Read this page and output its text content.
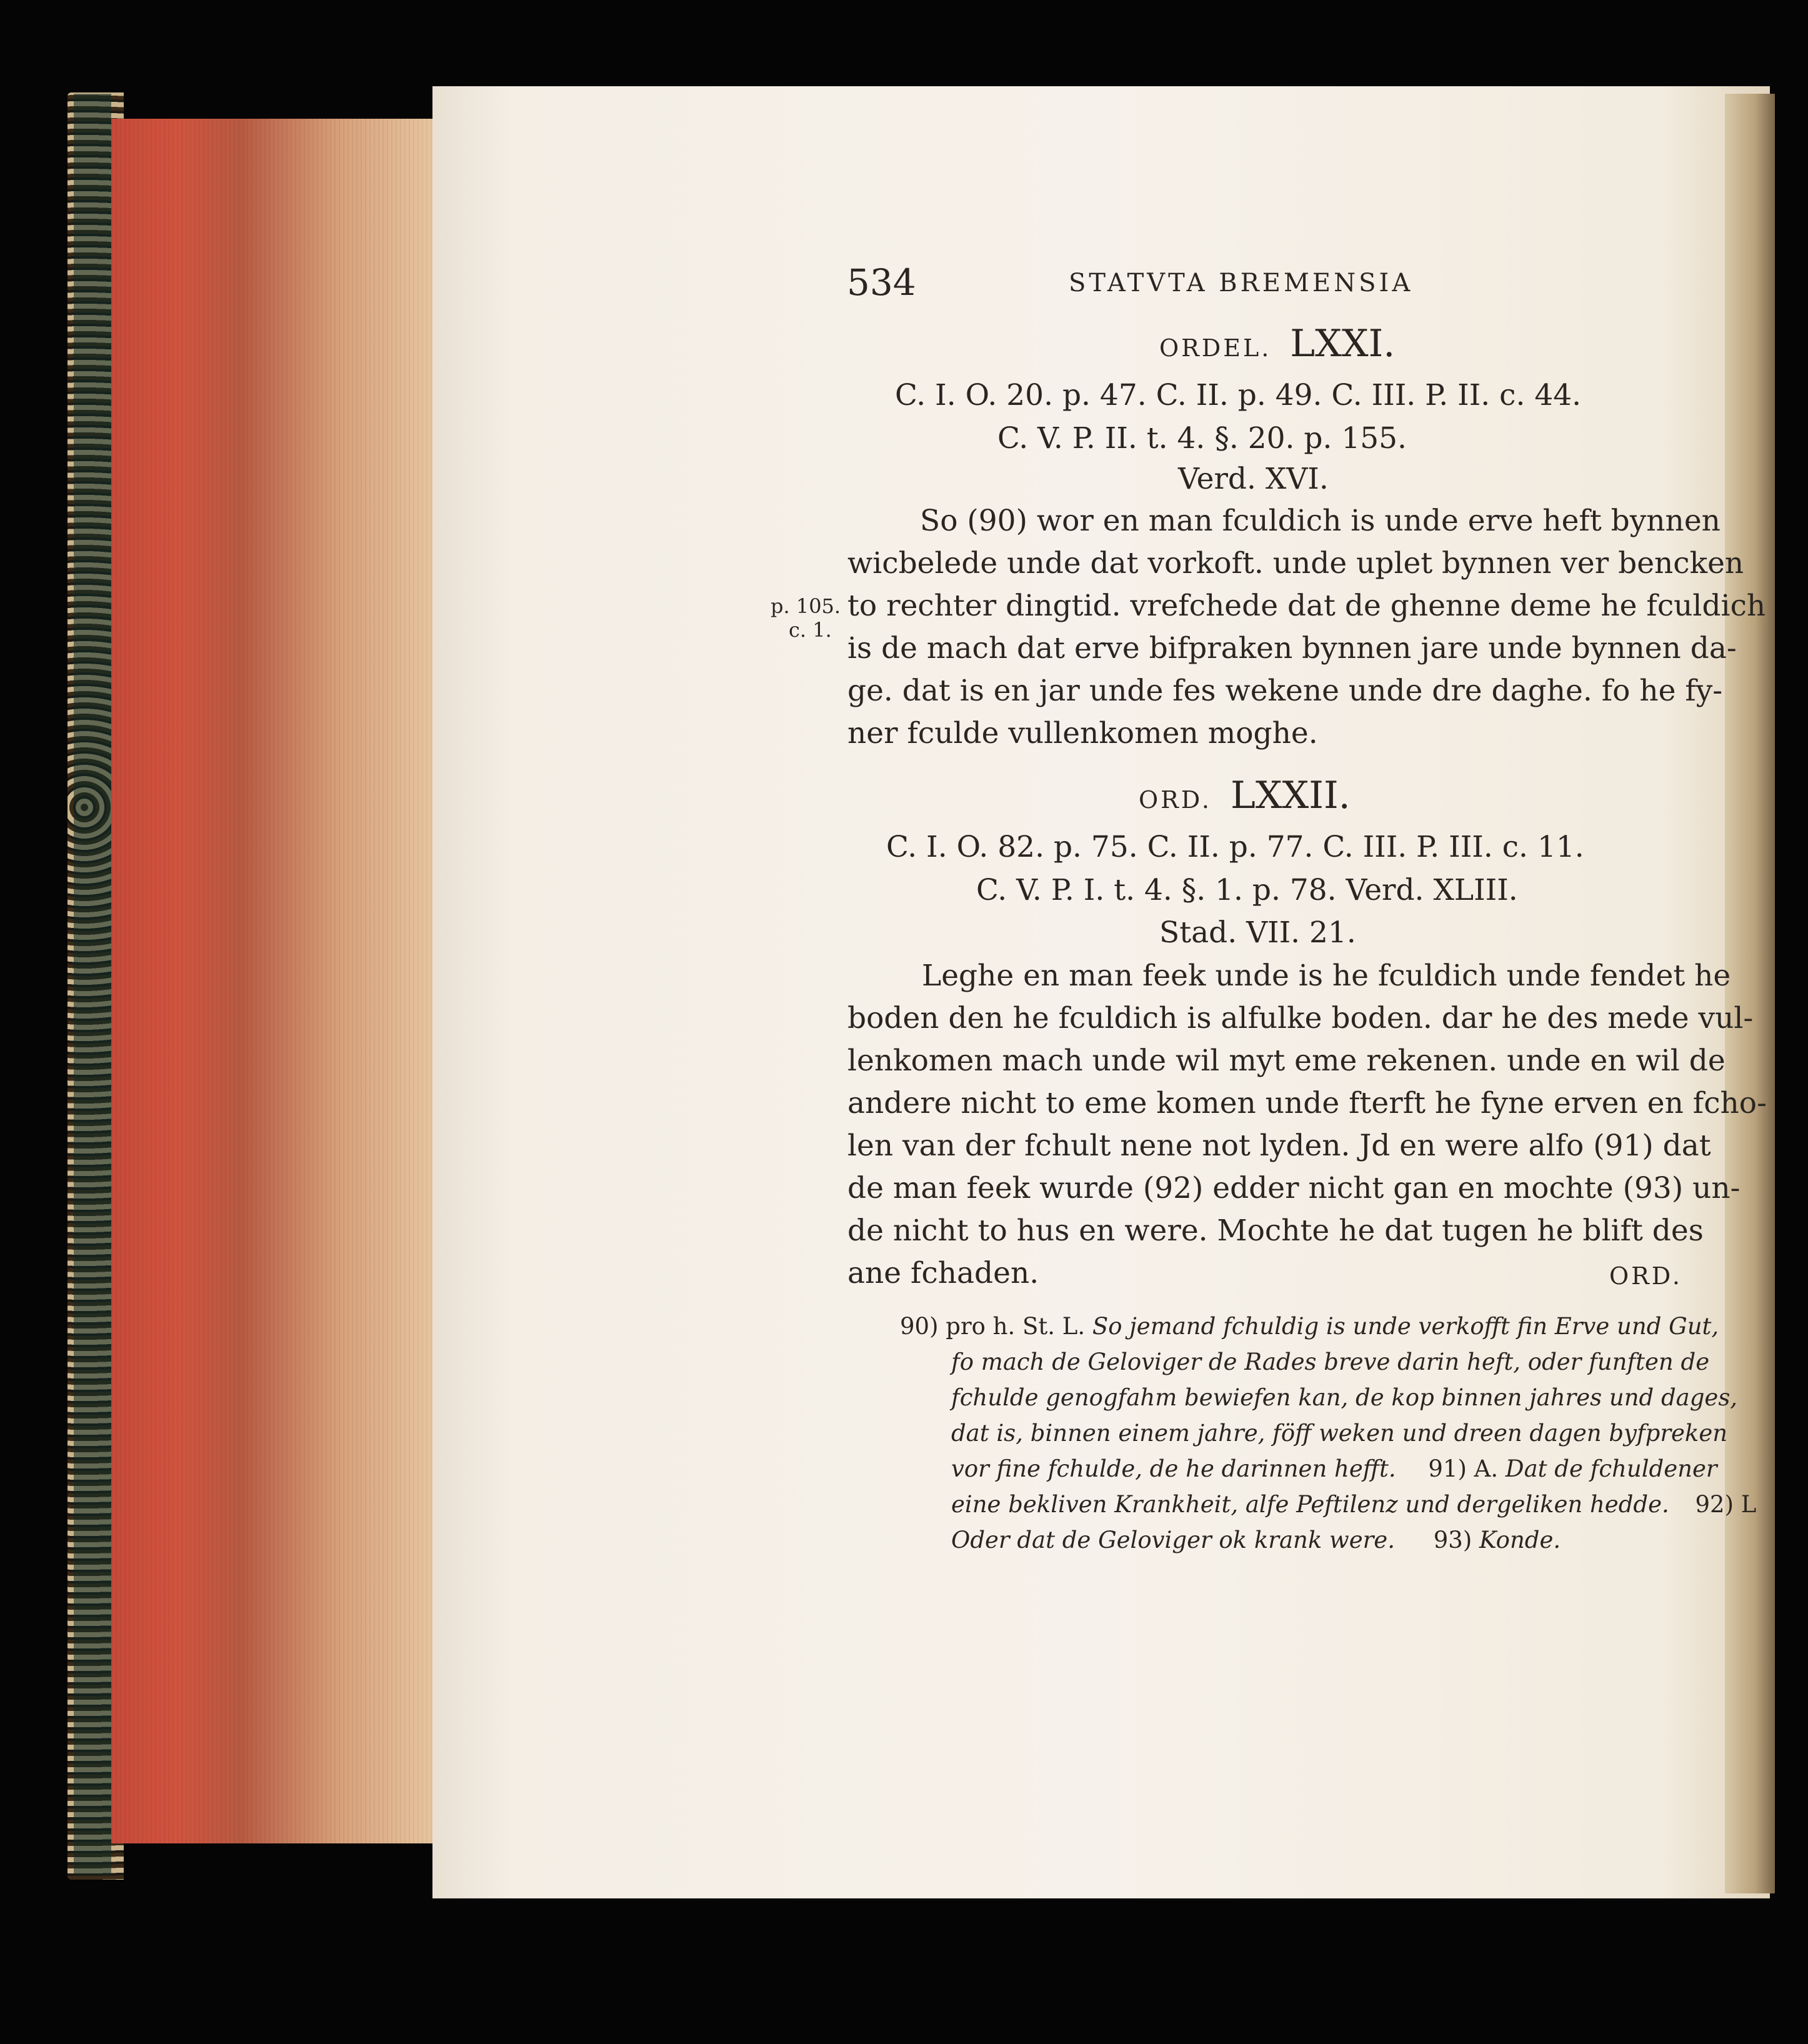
534	STATVTA BREMENSIA
ORDEL. LXXI.
C. I. O. 20. p. 47. C. II. p. 49. C. III. P. II. c. 44.
C. V. P. II. t. 4. §. 20. p. 155.
Verd. XVI.
p. 105.
c. 1.
So (90) wor en man fculdich is unde erve heft bynnen
wicbelede unde dat vorkoft. unde uplet bynnen ver bencken
to rechter dingtid. vrefchede dat de ghenne deme he fculdich
is de mach dat erve bifpraken bynnen jare unde bynnen da-
ge. dat is en jar unde fes wekene unde dre daghe. fo he fy-
ner fculde vullenkomen moghe.
ORD. LXXII.
C. I. O. 82. p. 75. C. II. p. 77. C. III. P. III. c. 11.
C. V. P. I. t. 4. §. 1. p. 78. Verd. XLIII.
Stad. VII. 21.
Leghe en man feek unde is he fculdich unde fendet he
boden den he fculdich is alfulke boden. dar he des mede vul-
lenkomen mach unde wil myt eme rekenen. unde en wil de
andere nicht to eme komen unde fterft he fyne erven en fcho-
len van der fchult nene not lyden. Jd en were alfo (91) dat
de man feek wurde (92) edder nicht gan en mochte (93) un-
de nicht to hus en were. Mochte he dat tugen he blift des
ane fchaden.	ORD.
90) pro h. St. L. So jemand fchuldig is unde verkofft fin Erve und Gut,
fo mach de Geloviger de Rades breve darin heft, oder funften de
fchulde genogfahm bewiefen kan, de kop binnen jahres und dages,
dat is, binnen einem jahre, föff weken und dreen dagen byfpreken
vor fine fchulde, de he darinnen hefft. 91) A. Dat de fchuldener
eine bekliven Krankheit, alfe Peftilenz und dergeliken hedde. 92) L
Oder dat de Geloviger ok krank were. 93) Konde.
